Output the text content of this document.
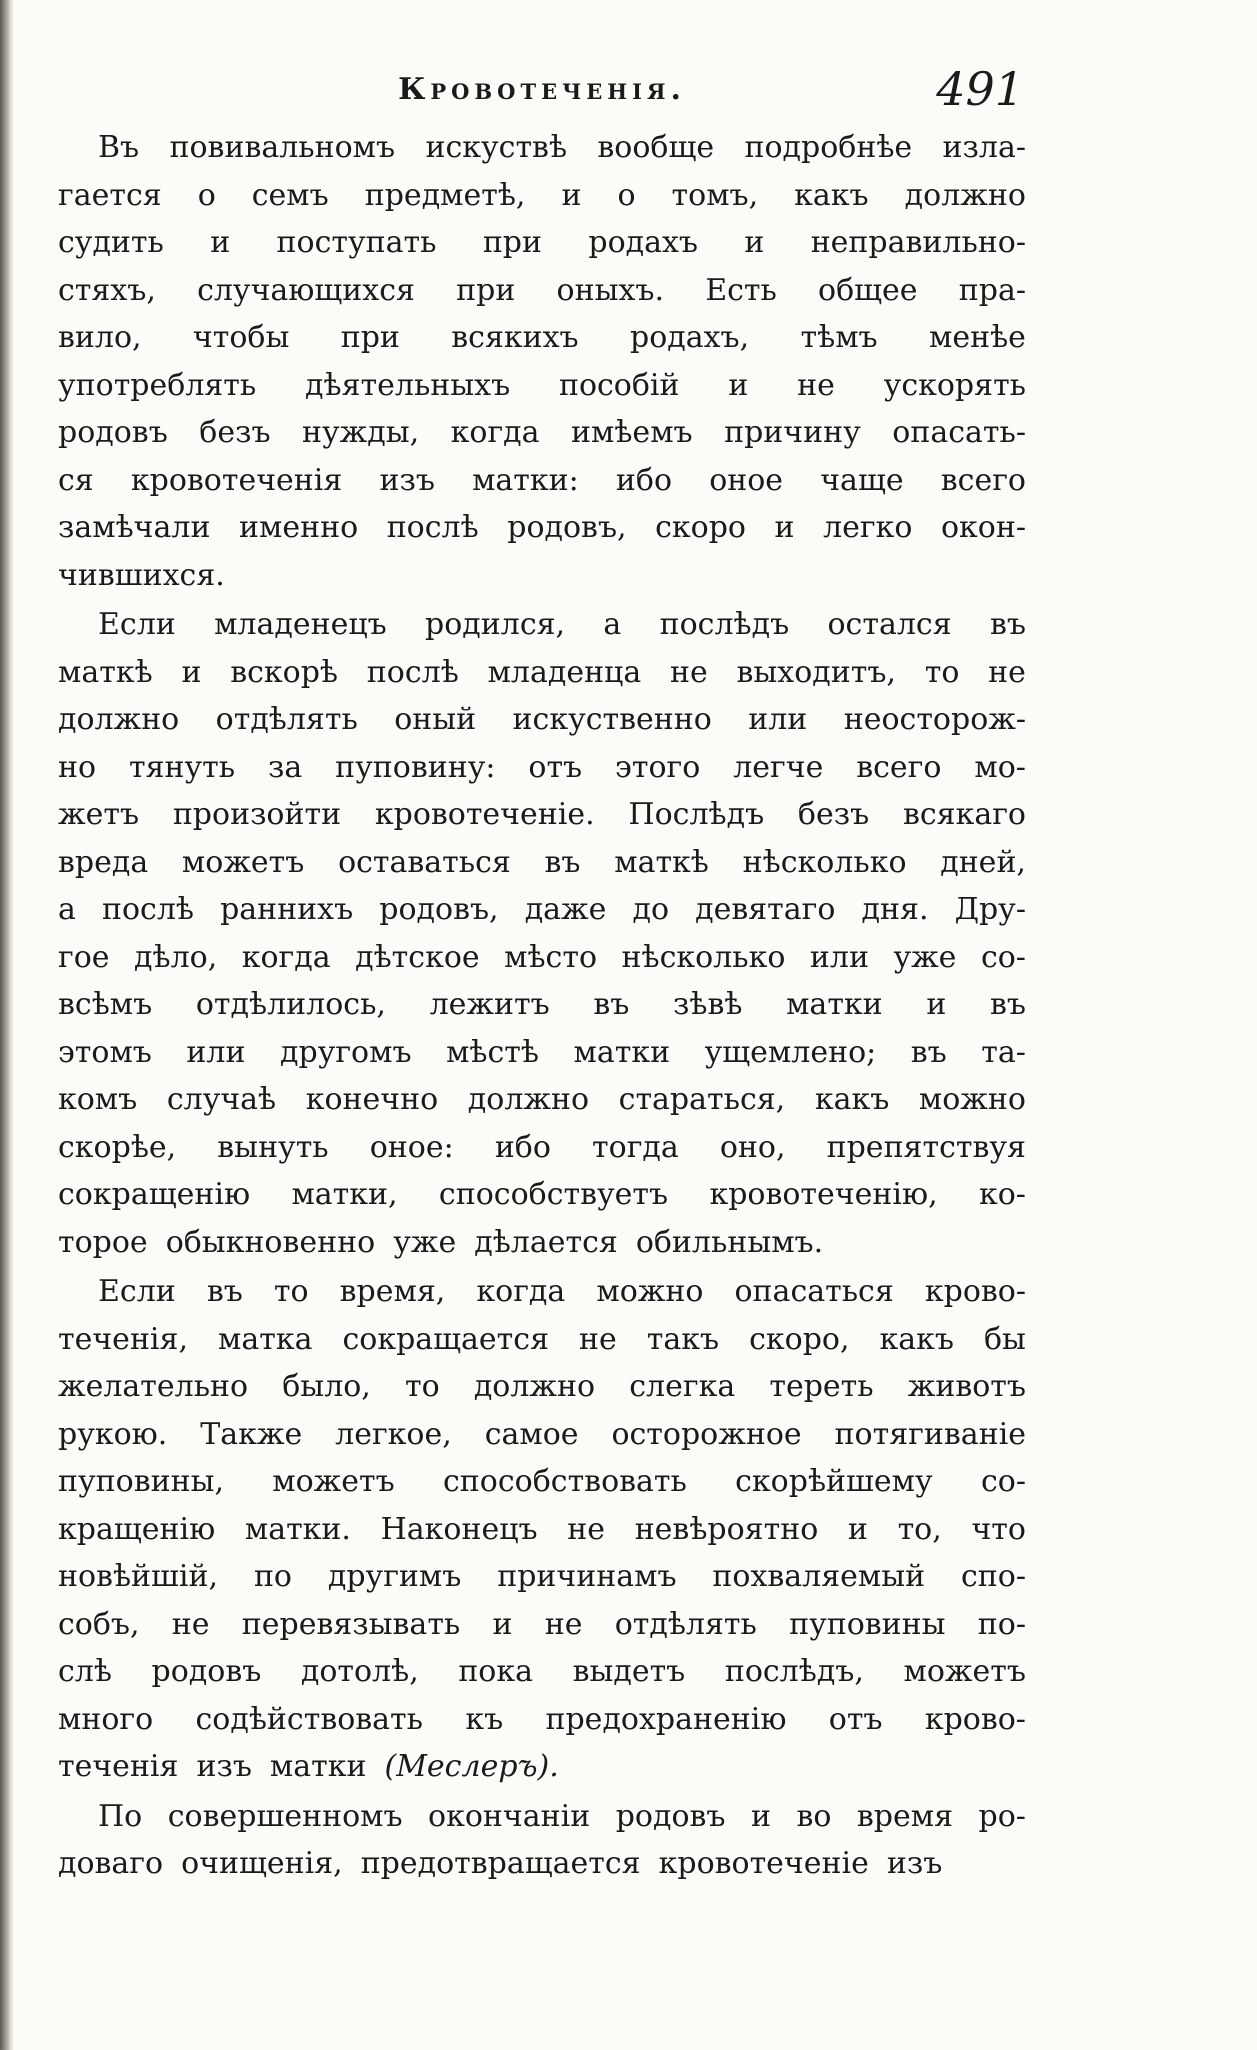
Кровотеченія.	491
Въ повивальномъ искуствѣ вообще подробнѣе изла-
гается о семъ предметѣ, и о томъ, какъ должно
судить и поступать при родахъ и неправильно-
стяхъ, случающихся при оныхъ. Есть общее пра-
вило, чтобы при всякихъ родахъ, тѣмъ менѣе
употреблять дѣятельныхъ пособій и не ускорять
родовъ безъ нужды, когда имѣемъ причину опасать-
ся кровотеченія изъ матки: ибо оное чаще всего
замѣчали именно послѣ родовъ, скоро и легко окон-
чившихся.
Если младенецъ родился, а послѣдъ остался въ
маткѣ и вскорѣ послѣ младенца не выходитъ, то не
должно отдѣлять оный искуственно или неосторож-
но тянуть за пуповину: отъ этого легче всего мо-
жетъ произойти кровотеченіе. Послѣдъ безъ всякаго
вреда можетъ оставаться въ маткѣ нѣсколько дней,
а послѣ раннихъ родовъ, даже до девятаго дня. Дру-
гое дѣло, когда дѣтское мѣсто нѣсколько или уже со-
всѣмъ отдѣлилось, лежитъ въ зѣвѣ матки и въ
этомъ или другомъ мѣстѣ матки ущемлено; въ та-
комъ случаѣ конечно должно стараться, какъ можно
скорѣе, вынуть оное: ибо тогда оно, препятствуя
сокращенію матки, способствуетъ кровотеченію, ко-
торое обыкновенно уже дѣлается обильнымъ.
Если въ то время, когда можно опасаться крово-
теченія, матка сокращается не такъ скоро, какъ бы
желательно было, то должно слегка тереть животъ
рукою. Также легкое, самое осторожное потягиваніе
пуповины, можетъ способствовать скорѣйшему со-
кращенію матки. Наконецъ не невѣроятно и то, что
новѣйшій, по другимъ причинамъ похваляемый спо-
собъ, не перевязывать и не отдѣлять пуповины по-
слѣ родовъ дотолѣ, пока выдетъ послѣдъ, можетъ
много содѣйствовать къ предохраненію отъ крово-
теченія изъ матки (Меслеръ).
По совершенномъ окончаніи родовъ и во время ро-
доваго очищенія, предотвращается кровотеченіе изъ
